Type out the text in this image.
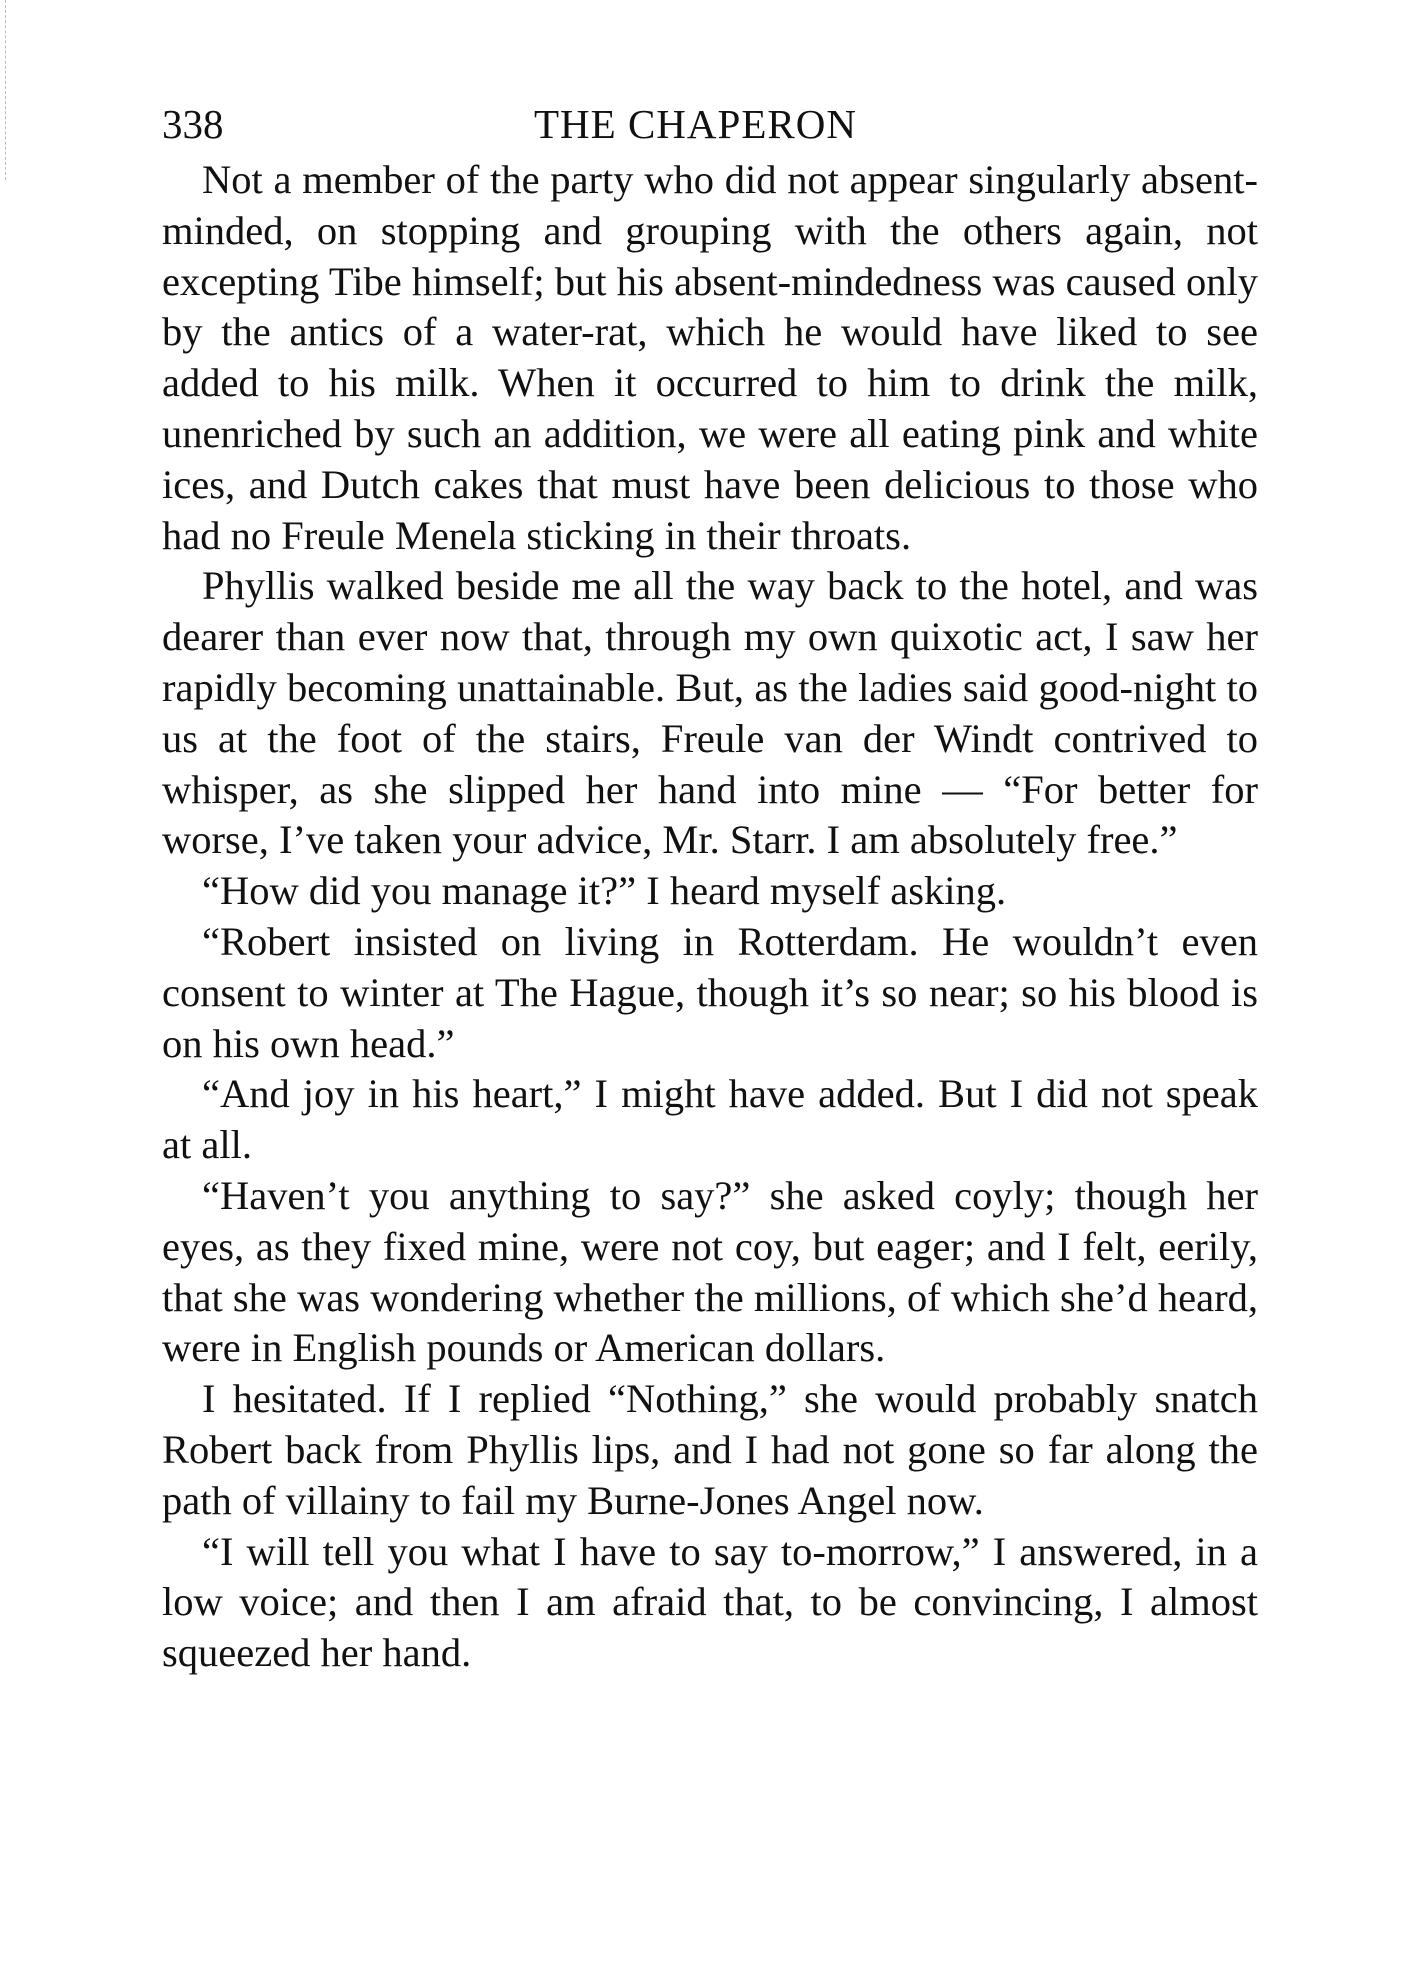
338	THE CHAPERON

Not a member of the party who did not appear singularly absent-minded, on stopping and grouping with the others again, not excepting Tibe himself; but his absent-mindedness was caused only by the antics of a water-rat, which he would have liked to see added to his milk. When it occurred to him to drink the milk, unenriched by such an addition, we were all eating pink and white ices, and Dutch cakes that must have been delicious to those who had no Freule Menela sticking in their throats.

Phyllis walked beside me all the way back to the hotel, and was dearer than ever now that, through my own quixotic act, I saw her rapidly becoming unattainable. But, as the ladies said good-night to us at the foot of the stairs, Freule van der Windt contrived to whisper, as she slipped her hand into mine — “For better for worse, I’ve taken your advice, Mr. Starr. I am absolutely free.”

“How did you manage it?” I heard myself asking.

“Robert insisted on living in Rotterdam. He wouldn’t even consent to winter at The Hague, though it’s so near; so his blood is on his own head.”

“And joy in his heart,” I might have added. But I did not speak at all.

“Haven’t you anything to say?” she asked coyly; though her eyes, as they fixed mine, were not coy, but eager; and I felt, eerily, that she was wondering whether the millions, of which she’d heard, were in English pounds or American dollars.

I hesitated. If I replied “Nothing,” she would probably snatch Robert back from Phyllis lips, and I had not gone so far along the path of villainy to fail my Burne-Jones Angel now.

“I will tell you what I have to say to-morrow,” I answered, in a low voice; and then I am afraid that, to be convincing, I almost squeezed her hand.
